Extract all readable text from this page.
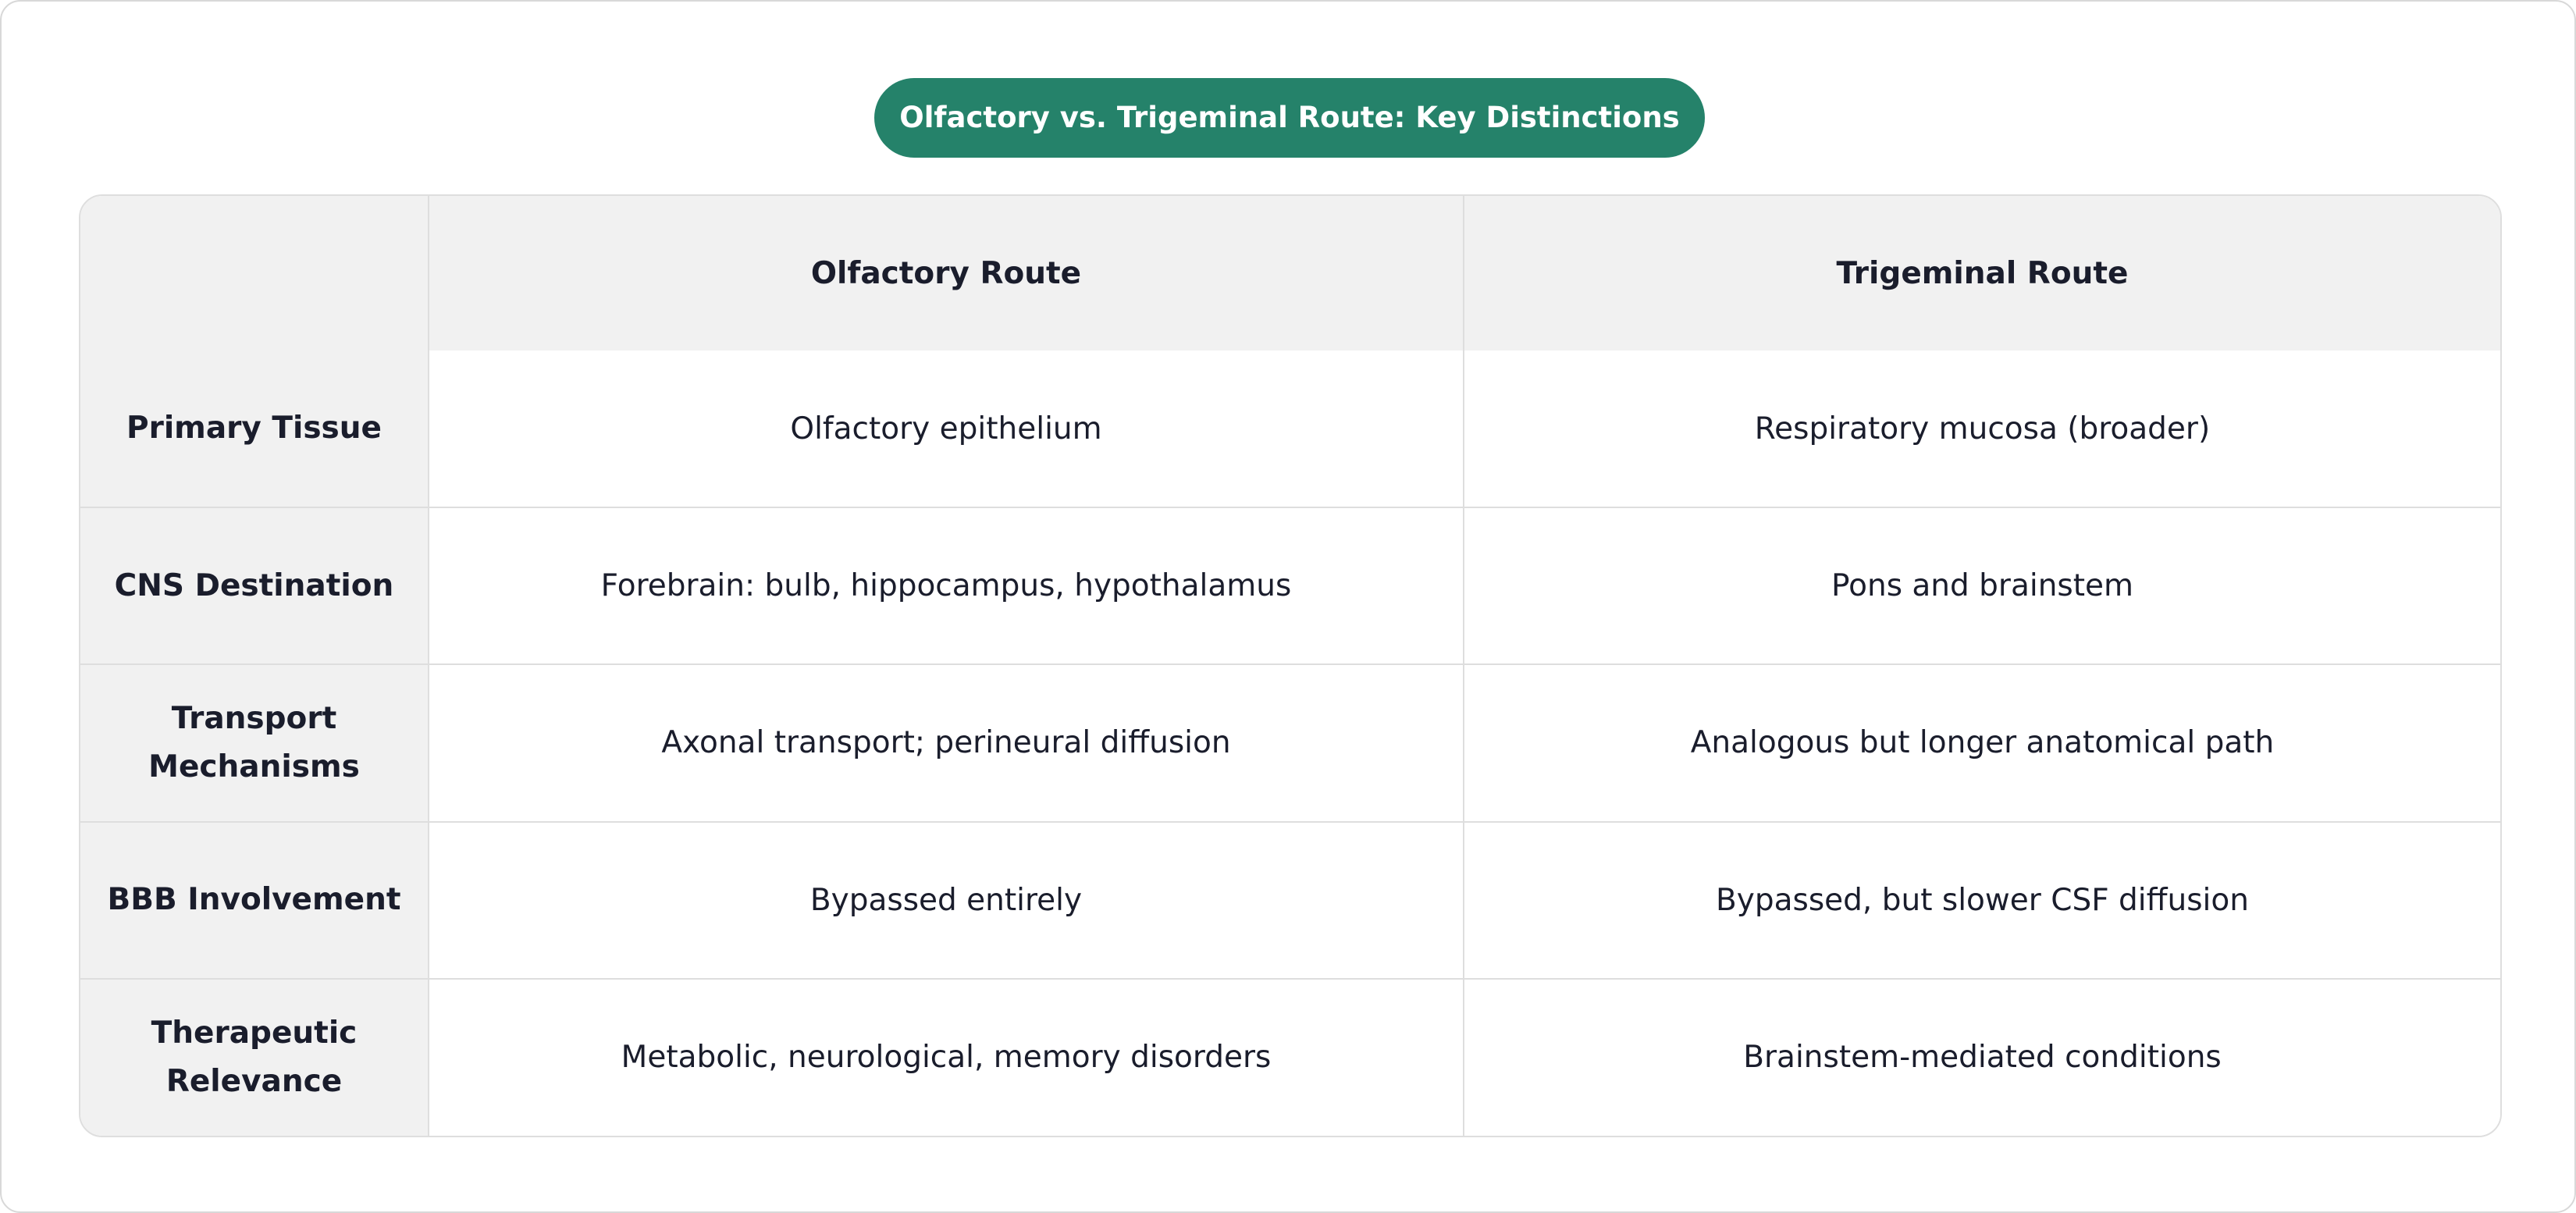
Olfactory vs. Trigeminal Route: Key Distinctions
	Olfactory Route	Trigeminal Route
Primary Tissue	Olfactory epithelium	Respiratory mucosa (broader)
CNS Destination	Forebrain: bulb, hippocampus, hypothalamus	Pons and brainstem
Transport Mechanisms	Axonal transport; perineural diffusion	Analogous but longer anatomical path
BBB Involvement	Bypassed entirely	Bypassed, but slower CSF diffusion
Therapeutic Relevance	Metabolic, neurological, memory disorders	Brainstem-mediated conditions
